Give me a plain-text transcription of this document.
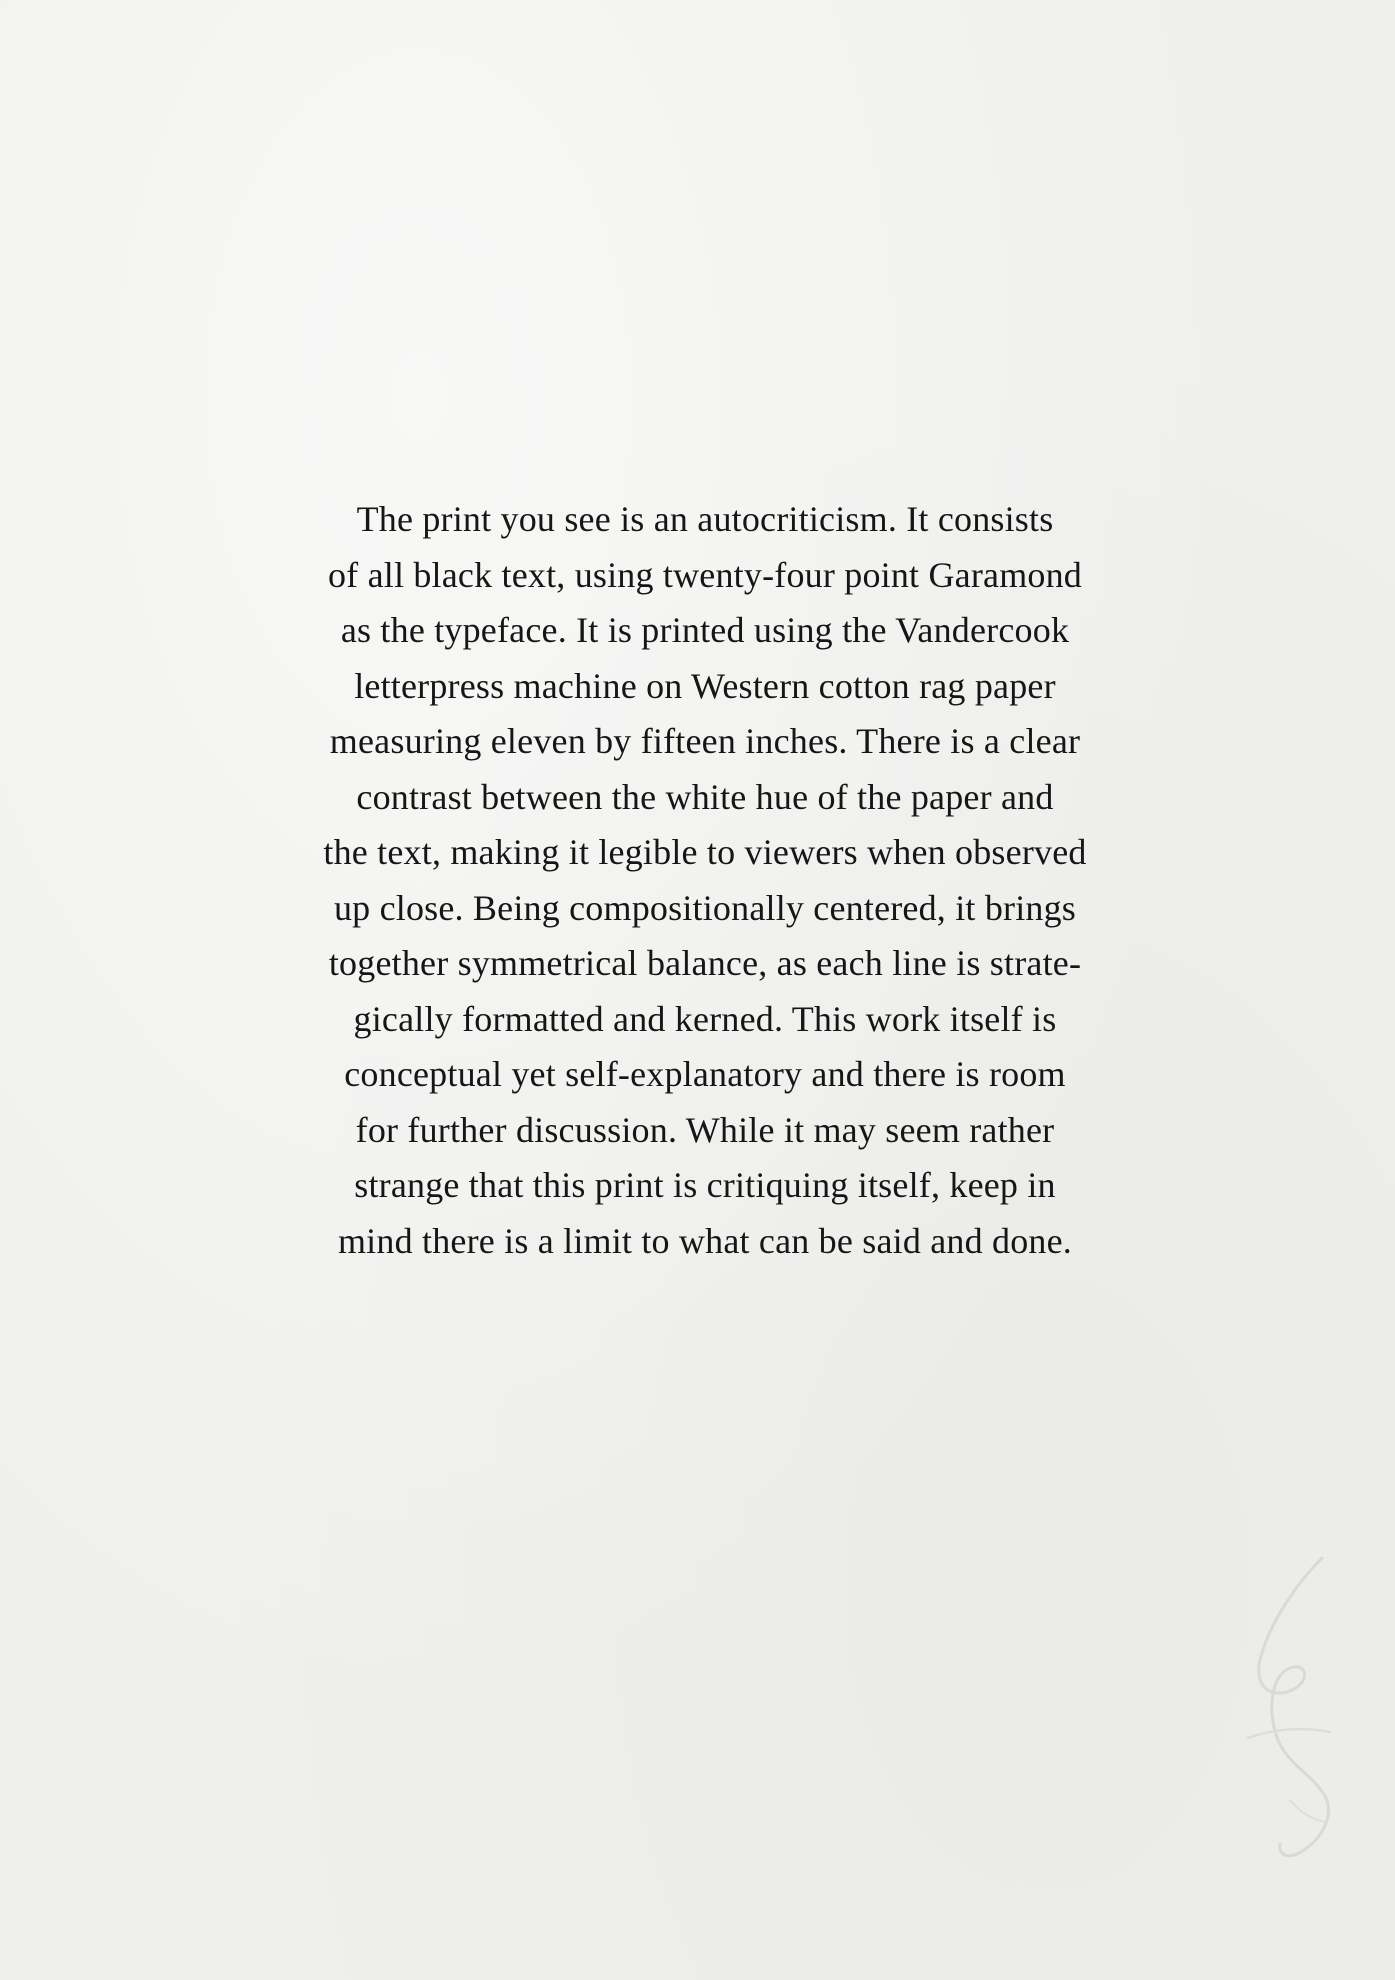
The print you see is an autocriticism. It consists
of all black text, using twenty-four point Garamond
as the typeface. It is printed using the Vandercook
letterpress machine on Western cotton rag paper
measuring eleven by fifteen inches. There is a clear
contrast between the white hue of the paper and
the text, making it legible to viewers when observed
up close. Being compositionally centered, it brings
together symmetrical balance, as each line is strate-
gically formatted and kerned. This work itself is
conceptual yet self-explanatory and there is room
for further discussion. While it may seem rather
strange that this print is critiquing itself, keep in
mind there is a limit to what can be said and done.
